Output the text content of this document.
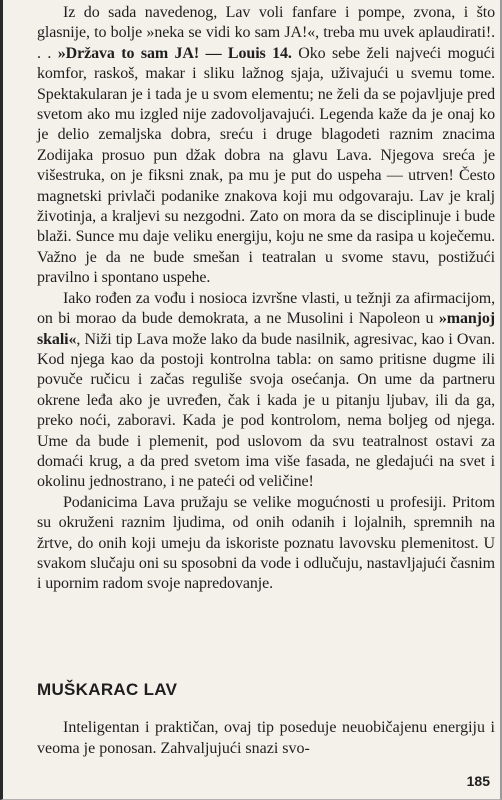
Iz do sada navedenog, Lav voli fanfare i pompe, zvona, i što glasnije, to bolje »neka se vidi ko sam JA!«, treba mu uvek aplaudirati!. . . »Država to sam JA! — Louis 14. Oko sebe želi najveći mogući komfor, raskoš, makar i sliku lažnog sjaja, uživajući u svemu tome. Spektakularan je i tada je u svom elementu; ne želi da se pojavljuje pred svetom ako mu izgled nije zadovoljavajući. Legenda kaže da je onaj ko je delio zemaljska dobra, sreću i druge blagodeti raznim znacima Zodijaka prosuo pun džak dobra na glavu Lava. Njegova sreća je višestruka, on je fiksni znak, pa mu je put do uspeha — utrven! Često magnetski privlači podanike znakova koji mu odgovaraju. Lav je kralj životinja, a kraljevi su nezgodni. Zato on mora da se disciplinuje i bude blaži. Sunce mu daje veliku energiju, koju ne sme da rasipa u koječemu. Važno je da ne bude smešan i teatralan u svome stavu, postižući pravilno i spontano uspehe.

Iako rođen za vođu i nosioca izvršne vlasti, u težnji za afirmacijom, on bi morao da bude demokrata, a ne Musolini i Napoleon u »manjoj skali«, Niži tip Lava može lako da bude nasilnik, agresivac, kao i Ovan. Kod njega kao da postoji kontrolna tabla: on samo pritisne dugme ili povuče ručicu i začas reguliše svoja osećanja. On ume da partneru okrene leđa ako je uvređen, čak i kada je u pitanju ljubav, ili da ga, preko noći, zaboravi. Kada je pod kontrolom, nema boljeg od njega. Ume da bude i plemenit, pod uslovom da svu teatralnost ostavi za domaći krug, a da pred svetom ima više fasada, ne gledajući na svet i okolinu jednostrano, i ne pateći od veličine!

Podanicima Lava pružaju se velike mogućnosti u profesiji. Pritom su okruženi raznim ljudima, od onih odanih i lojalnih, spremnih na žrtve, do onih koji umeju da iskoriste poznatu lavovsku plemenitost. U svakom slučaju oni su sposobni da vode i odlučuju, nastavljajući časnim i upornim radom svoje napredovanje.

MUŠKARAC LAV

Inteligentan i praktičan, ovaj tip poseduje neuobičajenu energiju i veoma je ponosan. Zahvaljujući snazi svo-

185
